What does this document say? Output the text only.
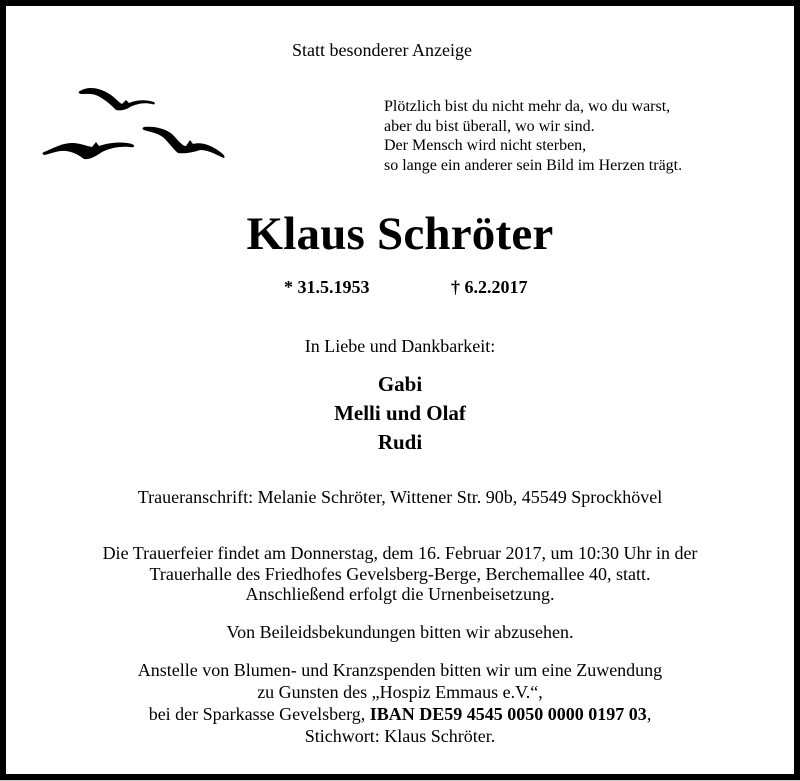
Statt besonderer Anzeige
Plötzlich bist du nicht mehr da, wo du warst,
aber du bist überall, wo wir sind.
Der Mensch wird nicht sterben,
so lange ein anderer sein Bild im Herzen trägt.
Klaus Schröter
* 31.5.1953	† 6.2.2017
In Liebe und Dankbarkeit:
Gabi
Melli und Olaf
Rudi
Traueranschrift: Melanie Schröter, Wittener Str. 90b, 45549 Sprockhövel
Die Trauerfeier findet am Donnerstag, dem 16. Februar 2017, um 10:30 Uhr in der
Trauerhalle des Friedhofes Gevelsberg-Berge, Berchemallee 40, statt.
Anschließend erfolgt die Urnenbeisetzung.
Von Beileidsbekundungen bitten wir abzusehen.
Anstelle von Blumen- und Kranzspenden bitten wir um eine Zuwendung
zu Gunsten des „Hospiz Emmaus e.V.“,
bei der Sparkasse Gevelsberg, IBAN DE59 4545 0050 0000 0197 03,
Stichwort: Klaus Schröter.
